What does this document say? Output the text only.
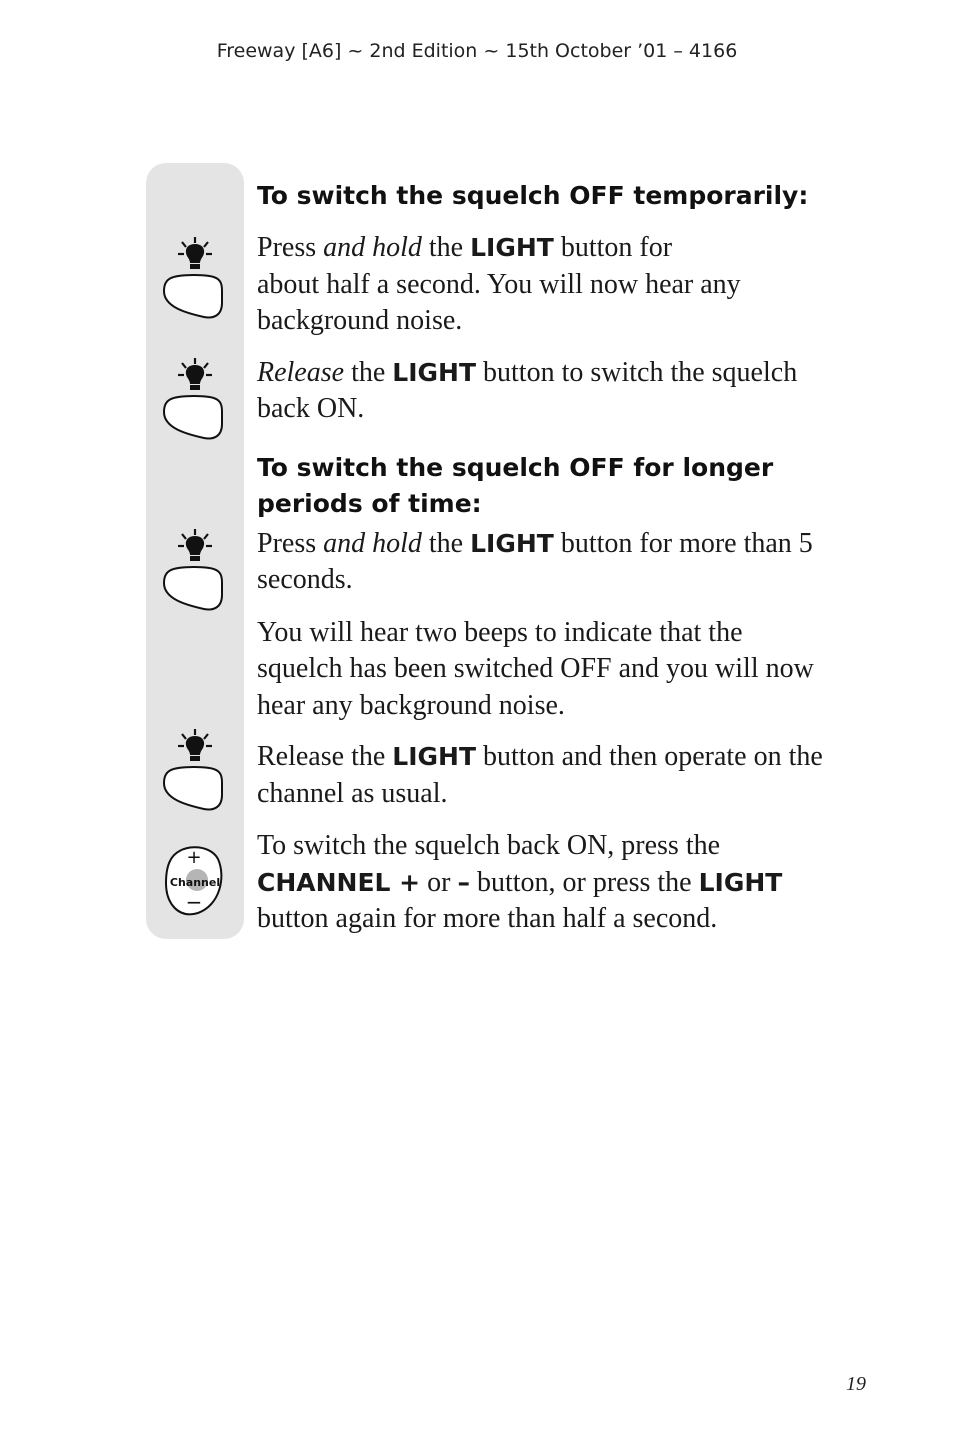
Freeway [A6] ~ 2nd Edition ~ 15th October ’01 – 4166
+
Channel
−
To switch the squelch OFF temporarily:

Press and hold the LIGHT button for
about half a second. You will now hear any background noise.

Release the LIGHT button to switch the squelch back ON.

To switch the squelch OFF for longer periods of time:

Press and hold the LIGHT button for more than 5 seconds.

You will hear two beeps to indicate that the squelch has been switched OFF and you will now hear any background noise.

Release the LIGHT button and then operate on the channel as usual.

To switch the squelch back ON, press the CHANNEL + or – button, or press the LIGHT button again for more than half a second.

19
